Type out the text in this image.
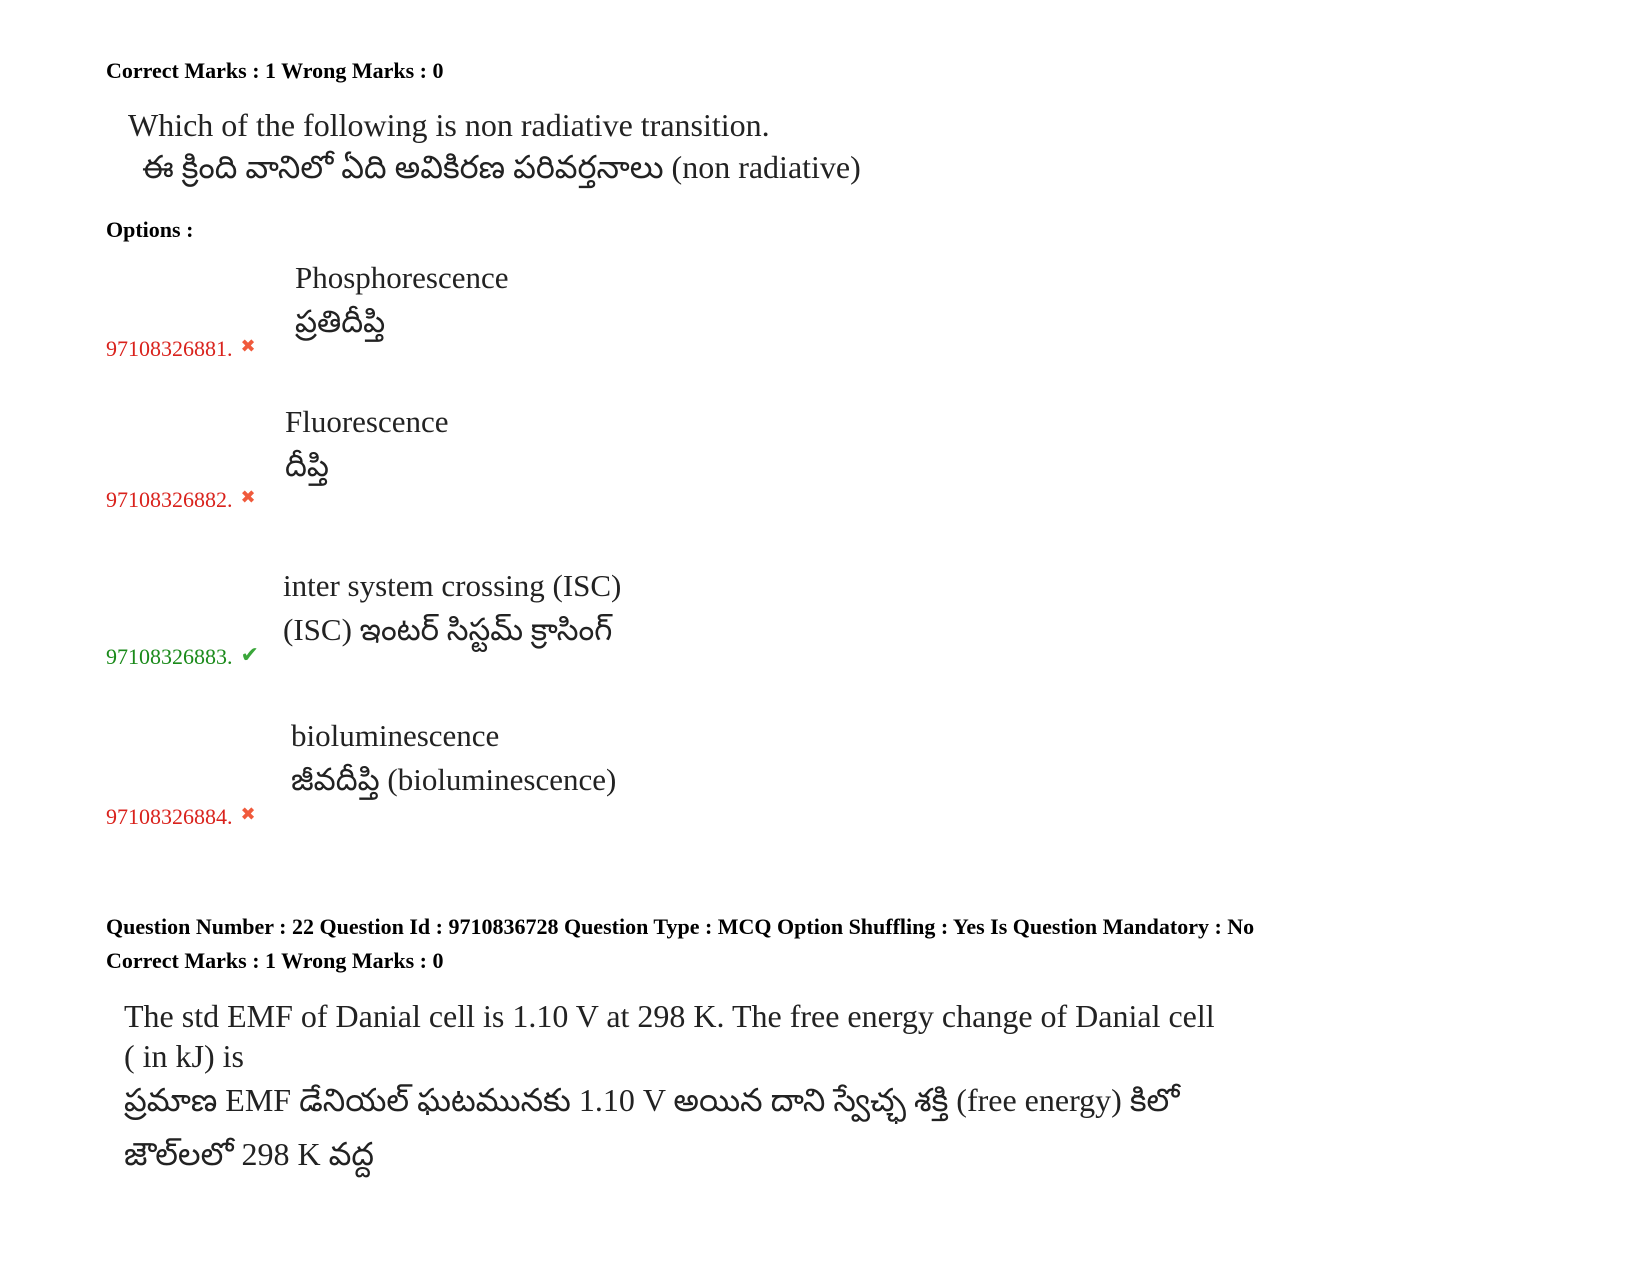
Correct Marks : 1 Wrong Marks : 0
Which of the following is non radiative transition.
ఈ క్రింది వానిలో ఏది అవికిరణ పరివర్తనాలు (non radiative)
Options :
Phosphorescence
ప్రతిదీప్తి
97108326881. ✖
Fluorescence
దీప్తి
97108326882. ✖
inter system crossing (ISC)
(ISC) ఇంటర్ సిస్టమ్ క్రాసింగ్
97108326883. ✔
bioluminescence
జీవదీప్తి (bioluminescence)
97108326884. ✖
Question Number : 22 Question Id : 9710836728 Question Type : MCQ Option Shuffling : Yes Is Question Mandatory : No
Correct Marks : 1 Wrong Marks : 0
The std EMF of Danial cell is 1.10 V at 298 K. The free energy change of Danial cell
( in kJ) is
ప్రమాణ EMF డేనియల్ ఘటమునకు 1.10 V అయిన దాని స్వేచ్ఛ శక్తి (free energy) కిలో
జౌల్‌లలో 298 K వద్ద
